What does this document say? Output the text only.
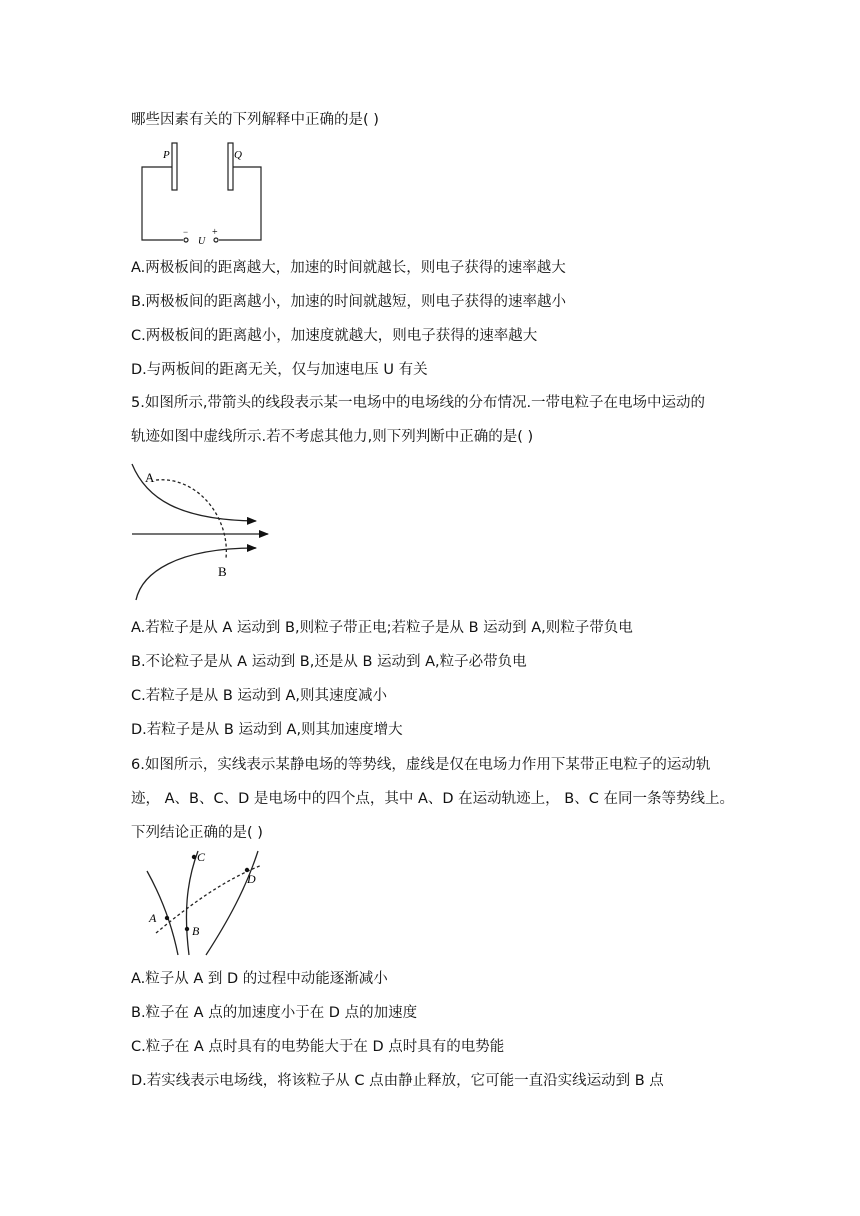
哪些因素有关的下列解释中正确的是( )
P	Q
−
U
+
A.两极板间的距离越大，加速的时间就越长，则电子获得的速率越大
B.两极板间的距离越小，加速的时间就越短，则电子获得的速率越小
C.两极板间的距离越小，加速度就越大，则电子获得的速率越大
D.与两板间的距离无关，仅与加速电压 U 有关
5.如图所示,带箭头的线段表示某一电场中的电场线的分布情况.一带电粒子在电场中运动的
轨迹如图中虚线所示.若不考虑其他力,则下列判断中正确的是( )
A
B
A.若粒子是从 A 运动到 B,则粒子带正电;若粒子是从 B 运动到 A,则粒子带负电
B.不论粒子是从 A 运动到 B,还是从 B 运动到 A,粒子必带负电
C.若粒子是从 B 运动到 A,则其速度减小
D.若粒子是从 B 运动到 A,则其加速度增大
6.如图所示，实线表示某静电场的等势线，虚线是仅在电场力作用下某带正电粒子的运动轨
迹， A、B、C、D 是电场中的四个点，其中 A、D 在运动轨迹上， B、C 在同一条等势线上。
下列结论正确的是( )
A
B
C
D
A.粒子从 A 到 D 的过程中动能逐渐减小
B.粒子在 A 点的加速度小于在 D 点的加速度
C.粒子在 A 点时具有的电势能大于在 D 点时具有的电势能
D.若实线表示电场线，将该粒子从 C 点由静止释放，它可能一直沿实线运动到 B 点
